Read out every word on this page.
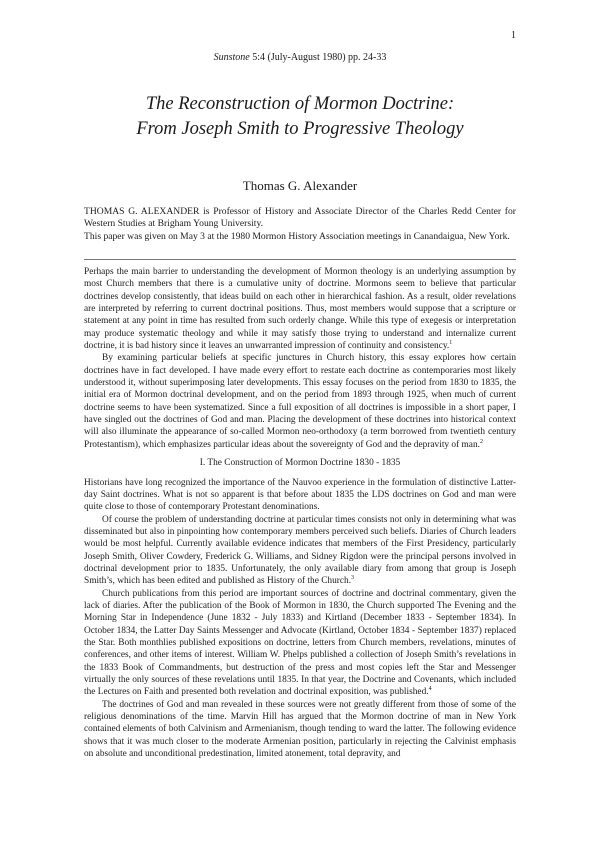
1
Sunstone 5:4 (July-August 1980) pp. 24-33
The Reconstruction of Mormon Doctrine:
From Joseph Smith to Progressive Theology
Thomas G. Alexander

THOMAS G. ALEXANDER is Professor of History and Associate Director of the Charles Redd Center for Western Studies at Brigham Young University.

This paper was given on May 3 at the 1980 Mormon History Association meetings in Canandaigua, New York.

Perhaps the main barrier to understanding the development of Mormon theology is an underlying assumption by most Church members that there is a cumulative unity of doctrine. Mormons seem to believe that particular doctrines develop consistently, that ideas build on each other in hierarchical fashion. As a result, older revelations are interpreted by referring to current doctrinal positions. Thus, most members would suppose that a scripture or statement at any point in time has resulted from such orderly change. While this type of exegesis or interpretation may produce systematic theology and while it may satisfy those trying to understand and internalize current doctrine, it is bad history since it leaves an unwarranted impression of continuity and consistency.$^1$

By examining particular beliefs at specific junctures in Church history, this essay explores how certain doctrines have in fact developed. I have made every effort to restate each doctrine as contemporaries most likely understood it, without superimposing later developments. This essay focuses on the period from 1830 to 1835, the initial era of Mormon doctrinal development, and on the period from 1893 through 1925, when much of current doctrine seems to have been systematized. Since a full exposition of all doctrines is impossible in a short paper, I have singled out the doctrines of God and man. Placing the development of these doctrines into historical context will also illuminate the appearance of so-called Mormon neo-orthodoxy (a term borrowed from twentieth century Protestantism), which emphasizes particular ideas about the sovereignty of God and the depravity of man.$^2$

I. The Construction of Mormon Doctrine 1830 - 1835

Historians have long recognized the importance of the Nauvoo experience in the formulation of distinctive Latter-day Saint doctrines. What is not so apparent is that before about 1835 the LDS doctrines on God and man were quite close to those of contemporary Protestant denominations.

Of course the problem of understanding doctrine at particular times consists not only in determining what was disseminated but also in pinpointing how contemporary members perceived such beliefs. Diaries of Church leaders would be most helpful. Currently available evidence indicates that members of the First Presidency, particularly Joseph Smith, Oliver Cowdery, Frederick G. Williams, and Sidney Rigdon were the principal persons involved in doctrinal development prior to 1835. Unfortunately, the only available diary from among that group is Joseph Smith’s, which has been edited and published as History of the Church.$^3$

Church publications from this period are important sources of doctrine and doctrinal commentary, given the lack of diaries. After the publication of the Book of Mormon in 1830, the Church supported The Evening and the Morning Star in Independence (June 1832 - July 1833) and Kirtland (December 1833 - September 1834). In October 1834, the Latter Day Saints Messenger and Advocate (Kirtland, October 1834 - September 1837) replaced the Star. Both monthlies published expositions on doctrine, letters from Church members, revelations, minutes of conferences, and other items of interest. William W. Phelps published a collection of Joseph Smith’s revelations in the 1833 Book of Commandments, but destruction of the press and most copies left the Star and Messenger virtually the only sources of these revelations until 1835. In that year, the Doctrine and Covenants, which included the Lectures on Faith and presented both revelation and doctrinal exposition, was published.$^4$

The doctrines of God and man revealed in these sources were not greatly different from those of some of the religious denominations of the time. Marvin Hill has argued that the Mormon doctrine of man in New York contained elements of both Calvinism and Armenianism, though tending to ward the latter. The following evidence shows that it was much closer to the moderate Armenian position, particularly in rejecting the Calvinist emphasis on absolute and unconditional predestination, limited atonement, total depravity, and
